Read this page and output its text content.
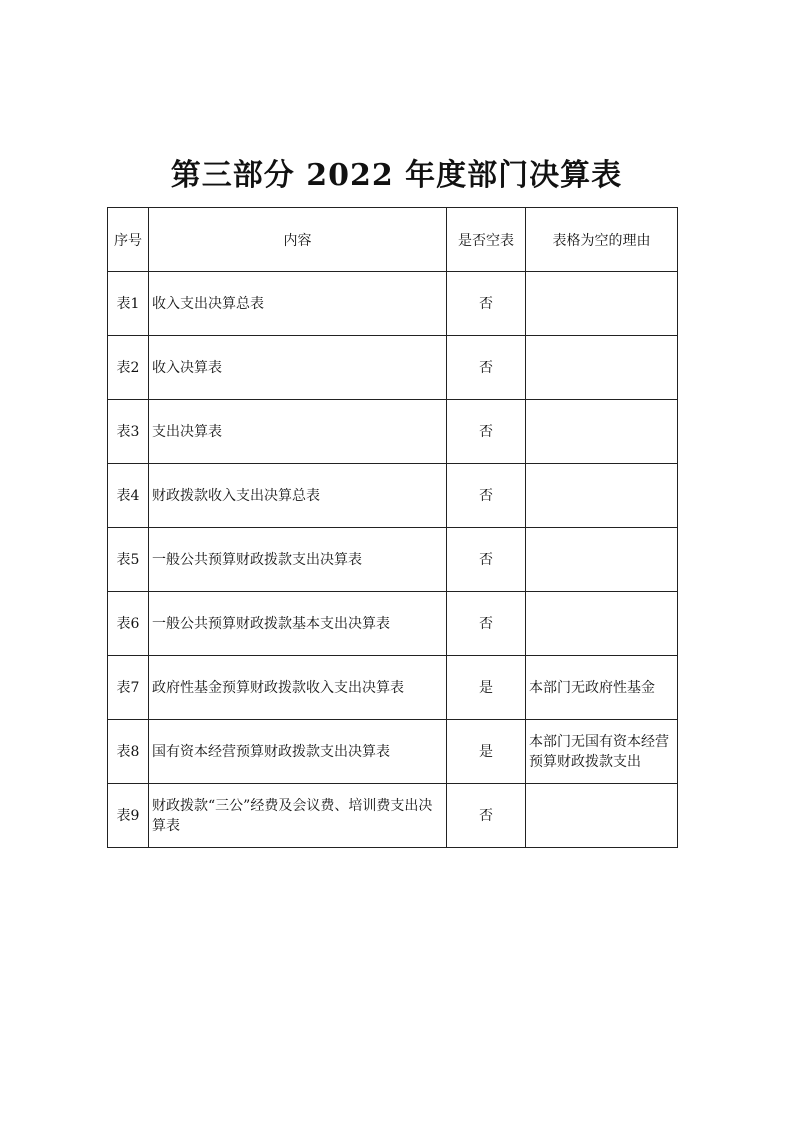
第三部分 2022 年度部门决算表
序号	内容	是否空表	表格为空的理由
表1	收入支出决算总表	否	
表2	收入决算表	否	
表3	支出决算表	否	
表4	财政拨款收入支出决算总表	否	
表5	一般公共预算财政拨款支出决算表	否	
表6	一般公共预算财政拨款基本支出决算表	否	
表7	政府性基金预算财政拨款收入支出决算表	是	本部门无政府性基金
表8	国有资本经营预算财政拨款支出决算表	是	本部门无国有资本经营预算财政拨款支出
表9	财政拨款“三公”经费及会议费、培训费支出决算表	否	
